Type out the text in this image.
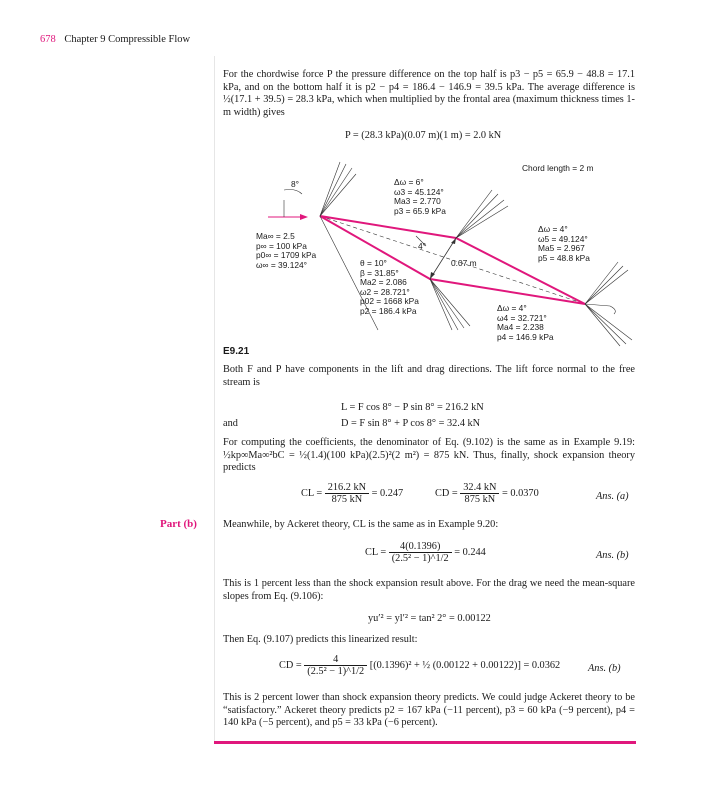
678 Chapter 9 Compressible Flow

For the chordwise force P the pressure difference on the top half is p3 − p5 = 65.9 − 48.8 = 17.1 kPa, and on the bottom half it is p2 − p4 = 186.4 − 146.9 = 39.5 kPa. The average difference is ½(17.1 + 39.5) = 28.3 kPa, which when multiplied by the frontal area (maximum thickness times 1-m width) gives

P = (28.3 kPa)(0.07 m)(1 m) = 2.0 kN
Chord length = 2 m
8°	Δω = 6°
ω3 = 45.124°
Ma3 = 2.770
p3 = 65.9 kPa
Ma∞ = 2.5
p∞ = 100 kPa
p0∞ = 1709 kPa
ω∞ = 39.124°
4°
0.07 m
Δω = 4°
ω5 = 49.124°
Ma5 = 2.967
p5 = 48.8 kPa
θ = 10°
β = 31.85°
Ma2 = 2.086
ω2 = 28.721°
p02 = 1668 kPa
p2 = 186.4 kPa	Δω = 4°
ω4 = 32.721°
Ma4 = 2.238
p4 = 146.9 kPa
E9.21

Both F and P have components in the lift and drag directions. The lift force normal to the free stream is

L = F cos 8° − P sin 8° = 216.2 kN
and	D = F sin 8° + P cos 8° = 32.4 kN

For computing the coefficients, the denominator of Eq. (9.102) is the same as in Example 9.19: ½kp∞Ma∞²bC = ½(1.4)(100 kPa)(2.5)²(2 m²) = 875 kN. Thus, finally, shock expansion theory predicts

CL = $\frac{216.2 kN}{875 kN} = 0.247$	CD = $\frac{32.4 kN}{875 kN} = 0.0370$	Ans. (a)
Part (b)	Meanwhile, by Ackeret theory, CL is the same as in Example 9.20:

CL = $\frac{4(0.1396)}{\text{(2.5² − 1)\textasciicircum{}1/2}} = 0.244$	Ans. (b)

This is 1 percent less than the shock expansion result above. For the drag we need the mean-square slopes from Eq. (9.106):

yu′² = yl′² = tan² 2° = 0.00122

Then Eq. (9.107) predicts this linearized result:

CD = $\frac{4}{\text{(2.5² − 1)\textasciicircum{}1/2}} [(0.1396)^2$ + ½ (0.00122 + 0.00122)] = 0.0362	Ans. (b)

This is 2 percent lower than shock expansion theory predicts. We could judge Ackeret theory to be “satisfactory.” Ackeret theory predicts p2 = 167 kPa (−11 percent), p3 = 60 kPa (−9 percent), p4 = 140 kPa (−5 percent), and p5 = 33 kPa (−6 percent).
